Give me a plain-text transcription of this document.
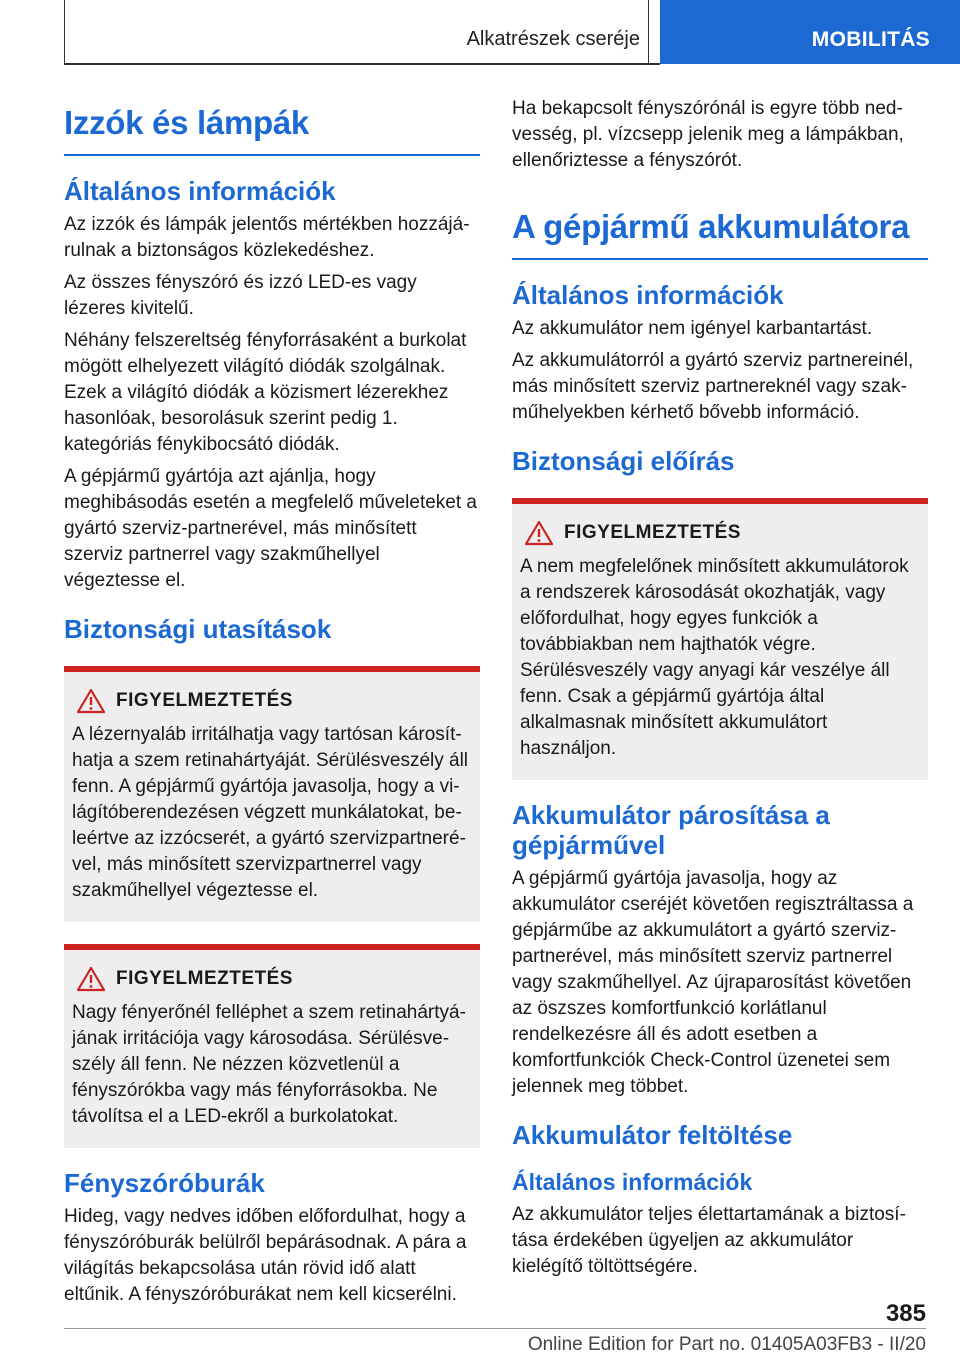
Alkatrészek cseréje	MOBILITÁS
Izzók és lámpák
Általános információk

Az izzók és lámpák jelentős mértékben hozzájárulnak a biztonságos közlekedéshez.

Az összes fényszóró és izzó LED-es vagy lézeres kivitelű.

Néhány felszereltség fényforrásaként a burkolat mögött elhelyezett világító diódák szolgálnak. Ezek a világító diódák a közismert lézerekhez hasonlóak, besorolásuk szerint pedig 1. kategóriás fénykibocsátó diódák.

A gépjármű gyártója azt ajánlja, hogy meghibásodás esetén a megfelelő műveleteket a gyártó szerviz-partnerével, más minősített szerviz partnerrel vagy szakműhellyel végeztesse el.

Biztonsági utasítások
FIGYELMEZTETÉS

A lézernyaláb irritálhatja vagy tartósan károsíthatja a szem retinahártyáját. Sérülésveszély áll fenn. A gépjármű gyártója javasolja, hogy a világítóberendezésen végzett munkálatokat, beleértve az izzócserét, a gyártó szervizpartnerével, más minősített szervizpartnerrel vagy szakműhellyel végeztesse el.

FIGYELMEZTETÉS

Nagy fényerőnél felléphet a szem retinahártyájának irritációja vagy károsodása. Sérülésveszély áll fenn. Ne nézzen közvetlenül a fényszórókba vagy más fényforrásokba. Ne távolítsa el a LED-ekről a burkolatokat.

Fényszóróburák

Hideg, vagy nedves időben előfordulhat, hogy a fényszóróburák belülről bepárásodnak. A pára a világítás bekapcsolása után rövid idő alatt eltűnik. A fényszóróburákat nem kell kicserélni.

Ha bekapcsolt fényszórónál is egyre több nedvesség, pl. vízcsepp jelenik meg a lámpákban, ellenőriztesse a fényszórót.

A gépjármű akkumulátora
Általános információk

Az akkumulátor nem igényel karbantartást.

Az akkumulátorról a gyártó szerviz partnereinél, más minősített szerviz partnereknél vagy szakműhelyekben kérhető bővebb információ.

Biztonsági előírás
FIGYELMEZTETÉS

A nem megfelelőnek minősített akkumulátorok a rendszerek károsodását okozhatják, vagy előfordulhat, hogy egyes funkciók a továbbiakban nem hajthatók végre. Sérülésveszély vagy anyagi kár veszélye áll fenn. Csak a gépjármű gyártója által alkalmasnak minősített akkumulátort használjon.

Akkumulátor párosítása a gépjárművel

A gépjármű gyártója javasolja, hogy az akkumulátor cseréjét követően regisztráltassa a gépjárműbe az akkumulátort a gyártó szerviz-partnerével, más minősített szerviz partnerrel vagy szakműhellyel. Az újraparosítást követően az öszszes komfortfunkció korlátlanul rendelkezésre áll és adott esetben a komfortfunkciók Check-Control üzenetei sem jelennek meg többet.

Akkumulátor feltöltése
Általános információk

Az akkumulátor teljes élettartamának a biztosítása érdekében ügyeljen az akkumulátor kielégítő töltöttségére.

385
Online Edition for Part no. 01405A03FB3 - II/20
